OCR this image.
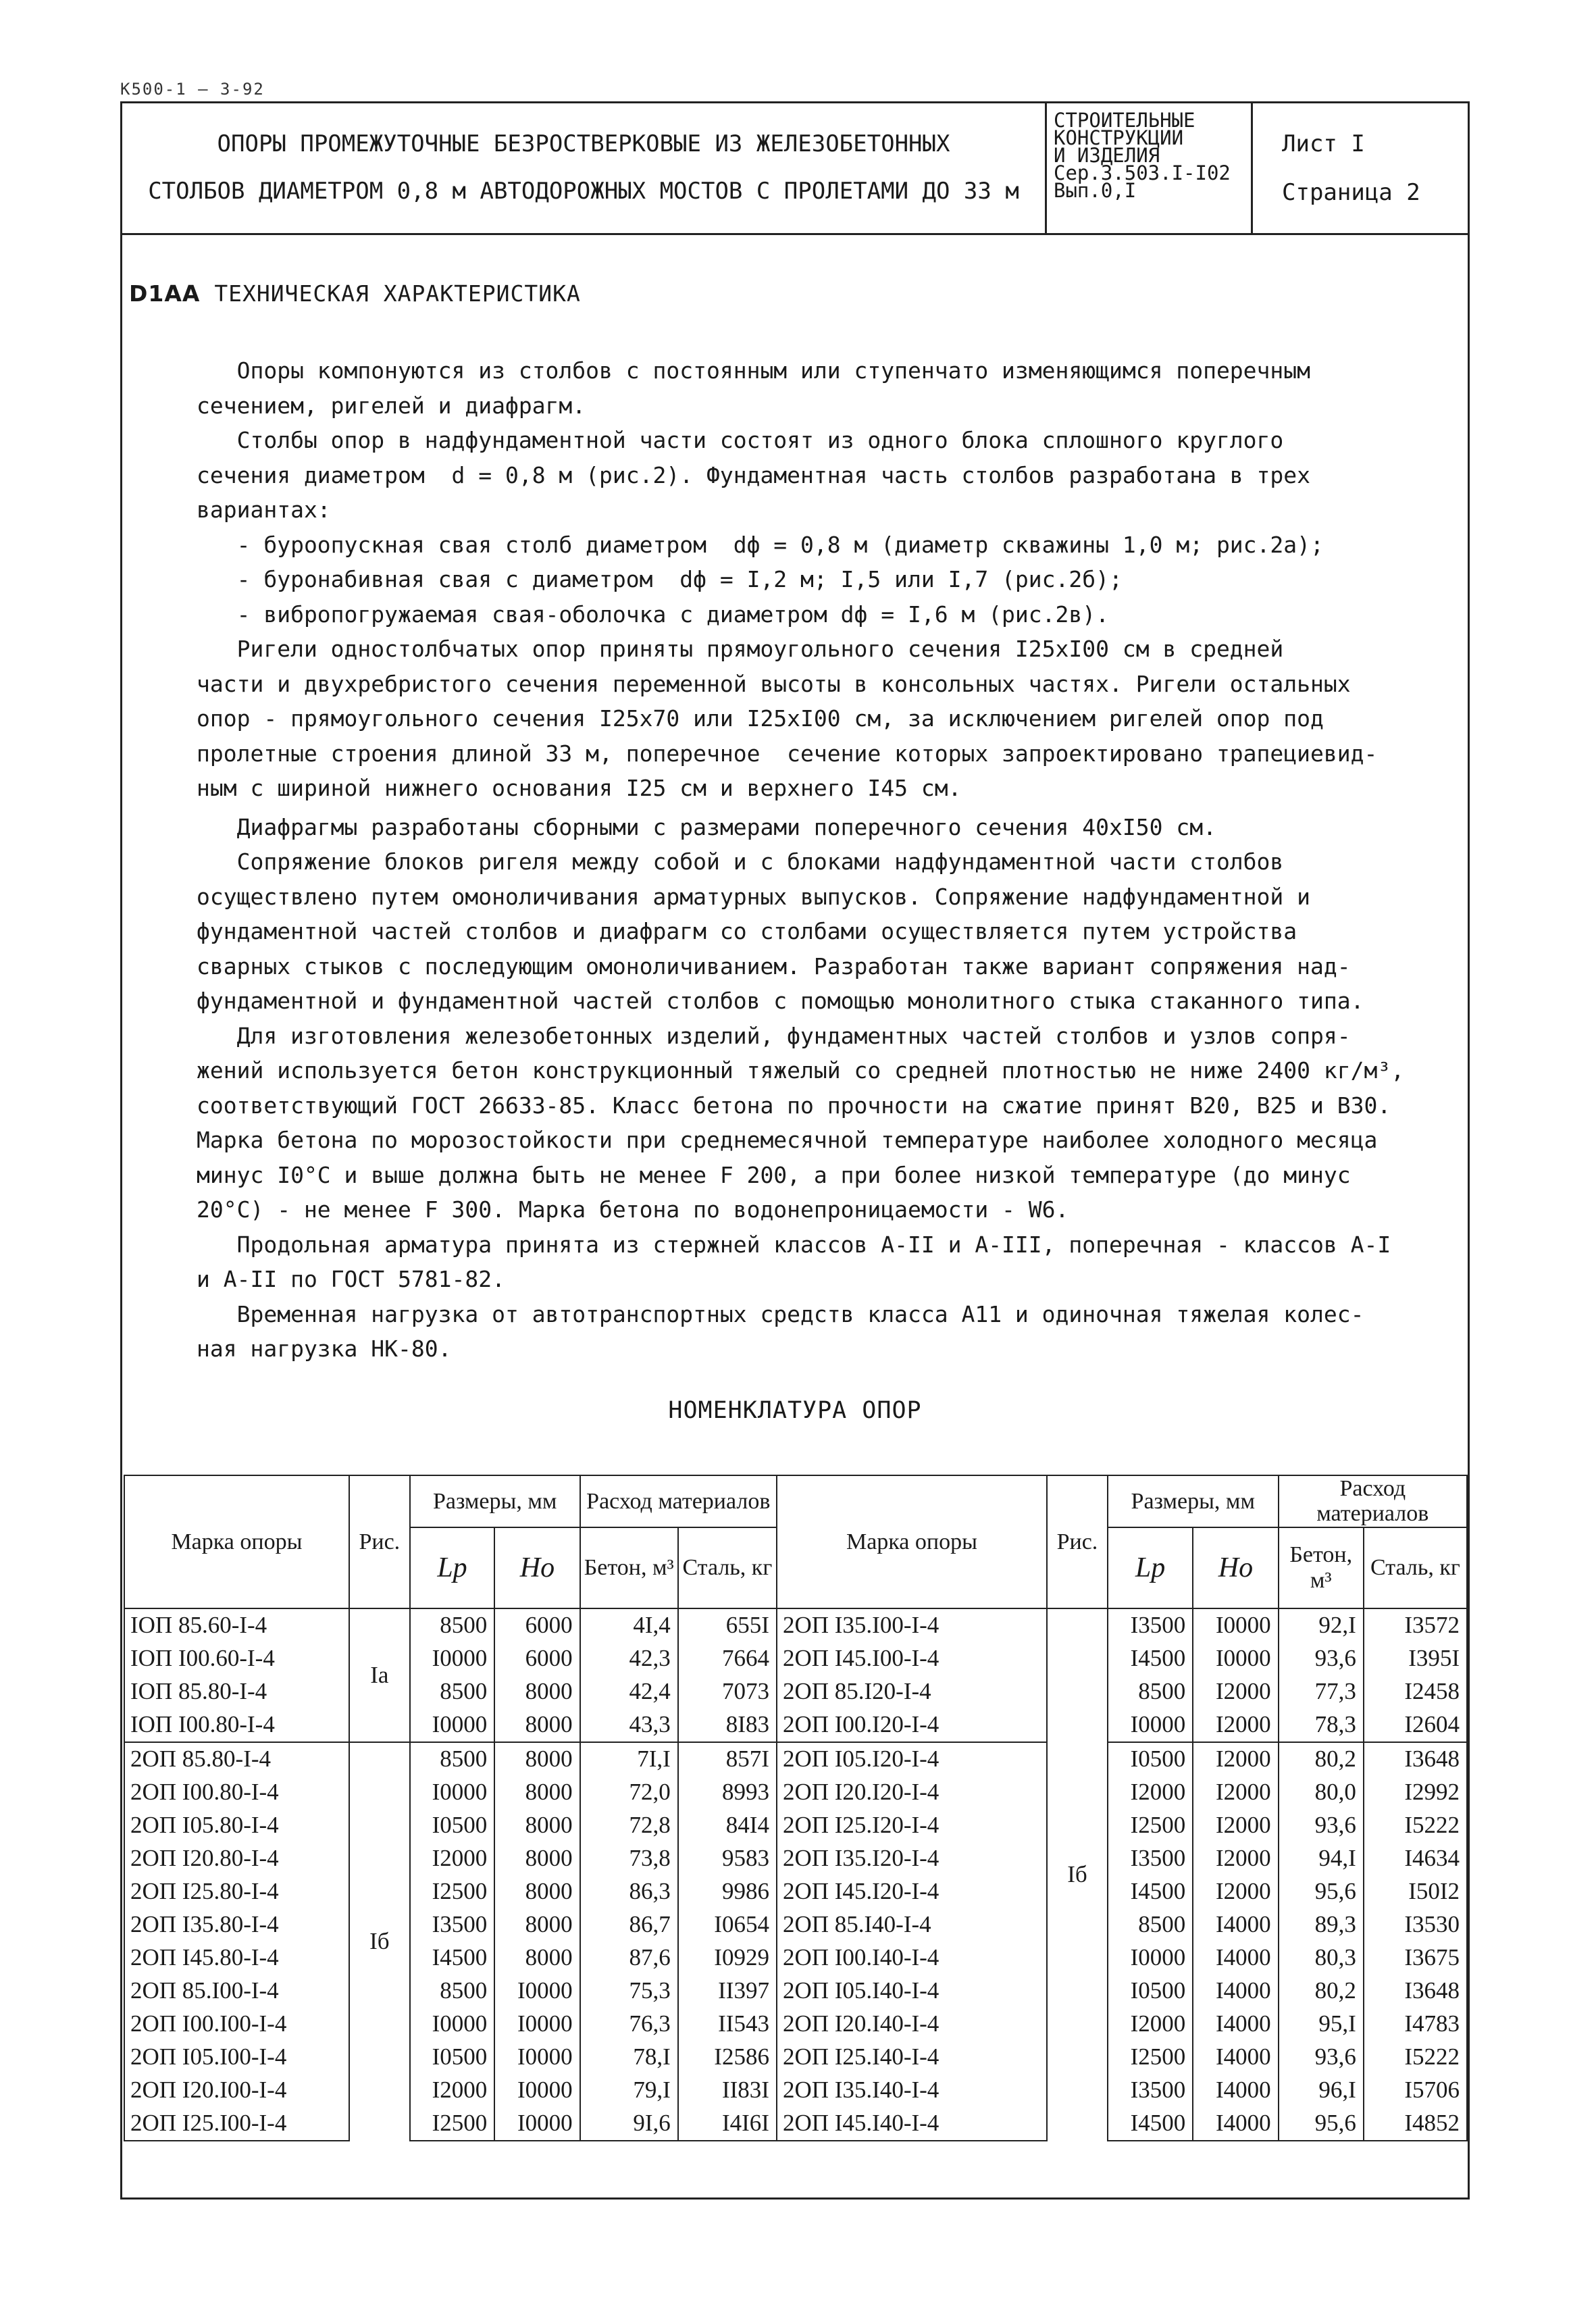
К500-1 — 3-92
ОПОРЫ ПРОМЕЖУТОЧНЫЕ БЕЗРОСТВЕРКОВЫЕ ИЗ ЖЕЛЕЗОБЕТОННЫХ
СТОЛБОВ ДИАМЕТРОМ 0,8 м АВТОДОРОЖНЫХ МОСТОВ С ПРОЛЕТАМИ ДО 33 м
СТРОИТЕЛЬНЫЕ
КОНСТРУКЦИИ
И ИЗДЕЛИЯ
Сер.3.503.I-I02
Вып.0,I
Лист I
Страница 2
D1AA ТЕХНИЧЕСКАЯ ХАРАКТЕРИСТИКА
Опоры компонуются из столбов с постоянным или ступенчато изменяющимся поперечным
сечением, ригелей и диафрагм.
Столбы опор в надфундаментной части состоят из одного блока сплошного круглого
сечения диаметром  d = 0,8 м (рис.2). Фундаментная часть столбов разработана в трех
вариантах:
- буроопускная свая столб диаметром  dф = 0,8 м (диаметр скважины 1,0 м; рис.2а);
- буронабивная свая с диаметром  dф = I,2 м; I,5 или I,7 (рис.2б);
- вибропогружаемая свая-оболочка с диаметром dф = I,6 м (рис.2в).
Ригели одностолбчатых опор приняты прямоугольного сечения I25хI00 см в средней
части и двухребристого сечения переменной высоты в консольных частях. Ригели остальных
опор - прямоугольного сечения I25х70 или I25хI00 см, за исключением ригелей опор под
пролетные строения длиной 33 м, поперечное  сечение которых запроектировано трапециевид-
ным с шириной нижнего основания I25 см и верхнего I45 см.
Диафрагмы разработаны сборными с размерами поперечного сечения 40хI50 см.
Сопряжение блоков ригеля между собой и с блоками надфундаментной части столбов
осуществлено путем омоноличивания арматурных выпусков. Сопряжение надфундаментной и
фундаментной частей столбов и диафрагм со столбами осуществляется путем устройства
сварных стыков с последующим омоноличиванием. Разработан также вариант сопряжения над-
фундаментной и фундаментной частей столбов с помощью монолитного стыка стаканного типа.
Для изготовления железобетонных изделий, фундаментных частей столбов и узлов сопря-
жений используется бетон конструкционный тяжелый со средней плотностью не ниже 2400 кг/м³,
соответствующий ГОСТ 26633-85. Класс бетона по прочности на сжатие принят В20, В25 и В30.
Марка бетона по морозостойкости при среднемесячной температуре наиболее холодного месяца
минус I0°С и выше должна быть не менее F 200, а при более низкой температуре (до минус
20°С) - не менее F 300. Марка бетона по водонепроницаемости - W6.
Продольная арматура принята из стержней классов А-II и А-III, поперечная - классов А-I
и А-II по ГОСТ 5781-82.
Временная нагрузка от автотранспортных средств класса А11 и одиночная тяжелая колес-
ная нагрузка НК-80.
НОМЕНКЛАТУРА ОПОР
Марка опоры	Рис.	Размеры, мм		Расход материалов		Марка опоры	Рис.	Размеры, мм		Расход материалов	
		Lр	Hо	Бетон, м³	Сталь, кг			Lр	Hо	Бетон, м³	Сталь, кг
IОП 85.60-I-4	Iа	8500	6000	4I,4	655I	2ОП I35.I00-I-4	Iб	I3500	I0000	92,I	I3572
IОП I00.60-I-4		I0000	6000	42,3	7664	2ОП I45.I00-I-4		I4500	I0000	93,6	I395I
IОП 85.80-I-4		8500	8000	42,4	7073	2ОП 85.I20-I-4		8500	I2000	77,3	I2458
IОП I00.80-I-4		I0000	8000	43,3	8I83	2ОП I00.I20-I-4		I0000	I2000	78,3	I2604
2ОП 85.80-I-4	Iб	8500	8000	7I,I	857I	2ОП I05.I20-I-4		I0500	I2000	80,2	I3648
2ОП I00.80-I-4		I0000	8000	72,0	8993	2ОП I20.I20-I-4		I2000	I2000	80,0	I2992
2ОП I05.80-I-4		I0500	8000	72,8	84I4	2ОП I25.I20-I-4		I2500	I2000	93,6	I5222
2ОП I20.80-I-4		I2000	8000	73,8	9583	2ОП I35.I20-I-4		I3500	I2000	94,I	I4634
2ОП I25.80-I-4		I2500	8000	86,3	9986	2ОП I45.I20-I-4		I4500	I2000	95,6	I50I2
2ОП I35.80-I-4		I3500	8000	86,7	I0654	2ОП 85.I40-I-4		8500	I4000	89,3	I3530
2ОП I45.80-I-4		I4500	8000	87,6	I0929	2ОП I00.I40-I-4		I0000	I4000	80,3	I3675
2ОП 85.I00-I-4		8500	I0000	75,3	II397	2ОП I05.I40-I-4		I0500	I4000	80,2	I3648
2ОП I00.I00-I-4		I0000	I0000	76,3	II543	2ОП I20.I40-I-4		I2000	I4000	95,I	I4783
2ОП I05.I00-I-4		I0500	I0000	78,I	I2586	2ОП I25.I40-I-4		I2500	I4000	93,6	I5222
2ОП I20.I00-I-4		I2000	I0000	79,I	II83I	2ОП I35.I40-I-4		I3500	I4000	96,I	I5706
2ОП I25.I00-I-4		I2500	I0000	9I,6	I4I6I	2ОП I45.I40-I-4		I4500	I4000	95,6	I4852
